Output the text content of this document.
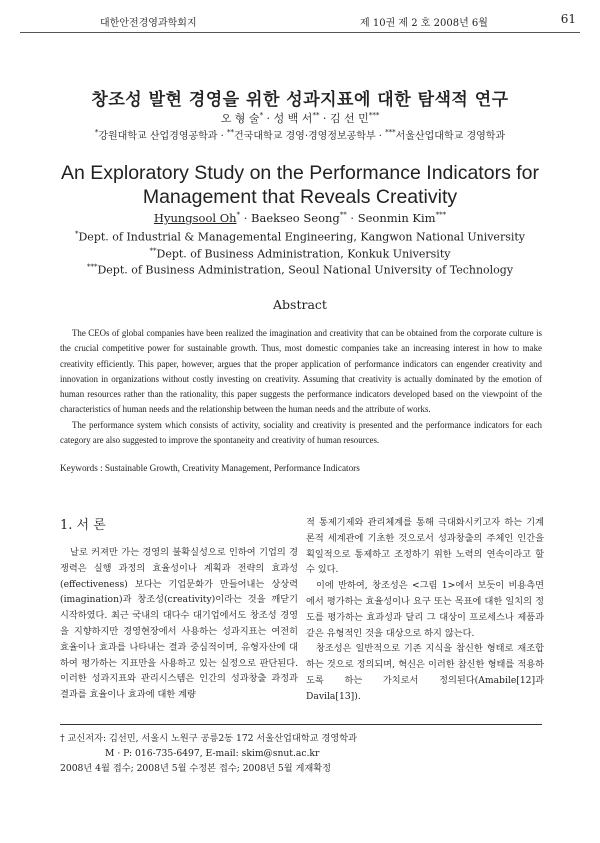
대한안전경영과학회지	제 10권 제 2 호 2008년 6월	61
창조성 발현 경영을 위한 성과지표에 대한 탐색적 연구
오 형 술* · 성 백 서** · 김 선 민***
*강원대학교 산업경영공학과 · **건국대학교 경영·경영정보공학부 · ***서울산업대학교 경영학과
An Exploratory Study on the Performance Indicators for
Management that Reveals Creativity
Hyungsool Oh* · Baekseo Seong** · Seonmin Kim***
*Dept. of Industrial & Managemental Engineering, Kangwon National University
**Dept. of Business Administration, Konkuk University
***Dept. of Business Administration, Seoul National University of Technology
Abstract

The CEOs of global companies have been realized the imagination and creativity that can be obtained from the corporate culture is the crucial competitive power for sustainable growth. Thus, most domestic companies take an increasing interest in how to make creativity efficiently. This paper, however, argues that the proper application of performance indicators can engender creativity and innovation in organizations without costly investing on creativity. Assuming that creativity is actually dominated by the emotion of human resources rather than the rationality, this paper suggests the performance indicators developed based on the viewpoint of the characteristics of human needs and the relationship between the human needs and the attribute of works.

The performance system which consists of activity, sociality and creativity is presented and the performance indicators for each category are also suggested to improve the spontaneity and creativity of human resources.

Keywords : Sustainable Growth, Creativity Management, Performance Indicators
1. 서 론

날로 커져만 가는 경영의 불확실성으로 인하여 기업의 경쟁력은 실행 과정의 효율성이나 계획과 전략의 효과성(effectiveness) 보다는 기업문화가 만들어내는 상상력(imagination)과 창조성(creativity)이라는 것을 깨닫기 시작하였다. 최근 국내의 대다수 대기업에서도 창조성 경영을 지향하지만 경영현장에서 사용하는 성과지표는 여전히 효율이나 효과를 나타내는 결과 중심적이며, 유형자산에 대하여 평가하는 지표만을 사용하고 있는 실정으로 판단된다. 이러한 성과지표와 관리시스템은 인간의 성과창출 과정과 결과를 효율이나 효과에 대한 계량

적 통제기제와 관리체계를 통해 극대화시키고자 하는 기계론적 세계관에 기초한 것으로서 성과창출의 주체인 인간을 획일적으로 통제하고 조정하기 위한 노력의 연속이라고 할 수 있다.

이에 반하여, 창조성은 <그림 1>에서 보듯이 비용측면에서 평가하는 효율성이나 요구 또는 목표에 대한 일치의 정도를 평가하는 효과성과 달리 그 대상이 프로세스나 제품과 같은 유형적인 것을 대상으로 하지 않는다.

창조성은 일반적으로 기존 지식을 참신한 형태로 재조합하는 것으로 정의되며, 혁신은 이러한 참신한 형태를 적용하도록 하는 가치로서 정의된다(Amabile[12]과 Davila[13]).

† 교신저자: 김선민, 서울시 노원구 공릉2동 172 서울산업대학교 경영학과
M · P: 016-735-6497, E-mail: skim@snut.ac.kr
2008년 4월 접수; 2008년 5월 수정본 접수; 2008년 5월 게재확정
